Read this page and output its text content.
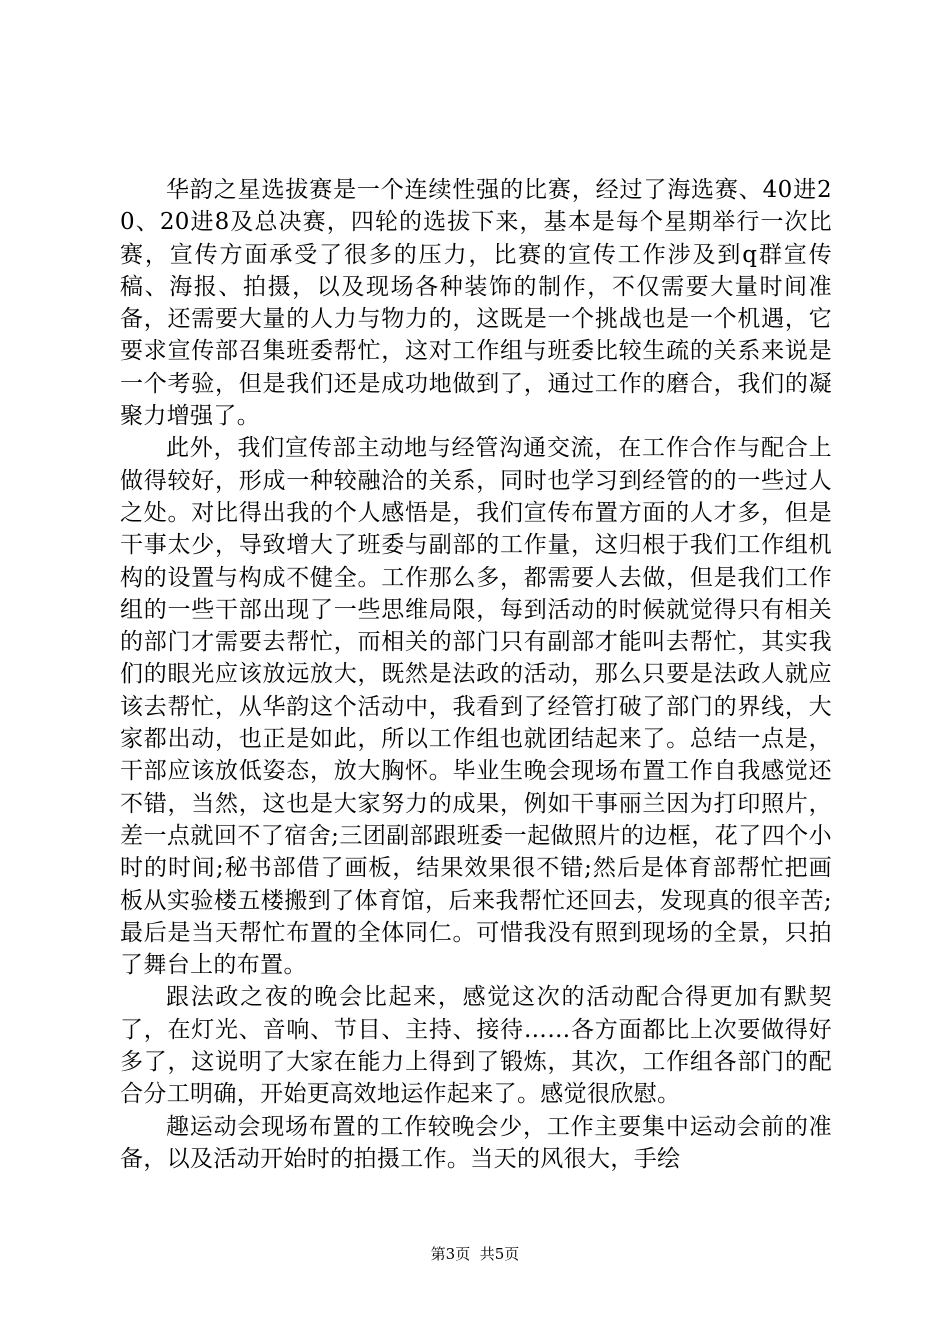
华韵之星选拔赛是一个连续性强的比赛，经过了海选赛、40进20、20进8及总决赛，四轮的选拔下来，基本是每个星期举行一次比赛，宣传方面承受了很多的压力，比赛的宣传工作涉及到q群宣传稿、海报、拍摄，以及现场各种装饰的制作，不仅需要大量时间准备，还需要大量的人力与物力的，这既是一个挑战也是一个机遇，它要求宣传部召集班委帮忙，这对工作组与班委比较生疏的关系来说是一个考验，但是我们还是成功地做到了，通过工作的磨合，我们的凝聚力增强了。

此外，我们宣传部主动地与经管沟通交流，在工作合作与配合上做得较好，形成一种较融洽的关系，同时也学习到经管的的一些过人之处。对比得出我的个人感悟是，我们宣传布置方面的人才多，但是干事太少，导致增大了班委与副部的工作量，这归根于我们工作组机构的设置与构成不健全。工作那么多，都需要人去做，但是我们工作组的一些干部出现了一些思维局限，每到活动的时候就觉得只有相关的部门才需要去帮忙，而相关的部门只有副部才能叫去帮忙，其实我们的眼光应该放远放大，既然是法政的活动，那么只要是法政人就应该去帮忙，从华韵这个活动中，我看到了经管打破了部门的界线，大家都出动，也正是如此，所以工作组也就团结起来了。总结一点是，干部应该放低姿态，放大胸怀。毕业生晚会现场布置工作自我感觉还不错，当然，这也是大家努力的成果，例如干事丽兰因为打印照片，差一点就回不了宿舍;三团副部跟班委一起做照片的边框，花了四个小时的时间;秘书部借了画板，结果效果很不错;然后是体育部帮忙把画板从实验楼五楼搬到了体育馆，后来我帮忙还回去，发现真的很辛苦;最后是当天帮忙布置的全体同仁。可惜我没有照到现场的全景，只拍了舞台上的布置。

跟法政之夜的晚会比起来，感觉这次的活动配合得更加有默契了，在灯光、音响、节目、主持、接待……各方面都比上次要做得好多了，这说明了大家在能力上得到了锻炼，其次，工作组各部门的配合分工明确，开始更高效地运作起来了。感觉很欣慰。

趣运动会现场布置的工作较晚会少，工作主要集中运动会前的准备，以及活动开始时的拍摄工作。当天的风很大，手绘

第3页 共5页
